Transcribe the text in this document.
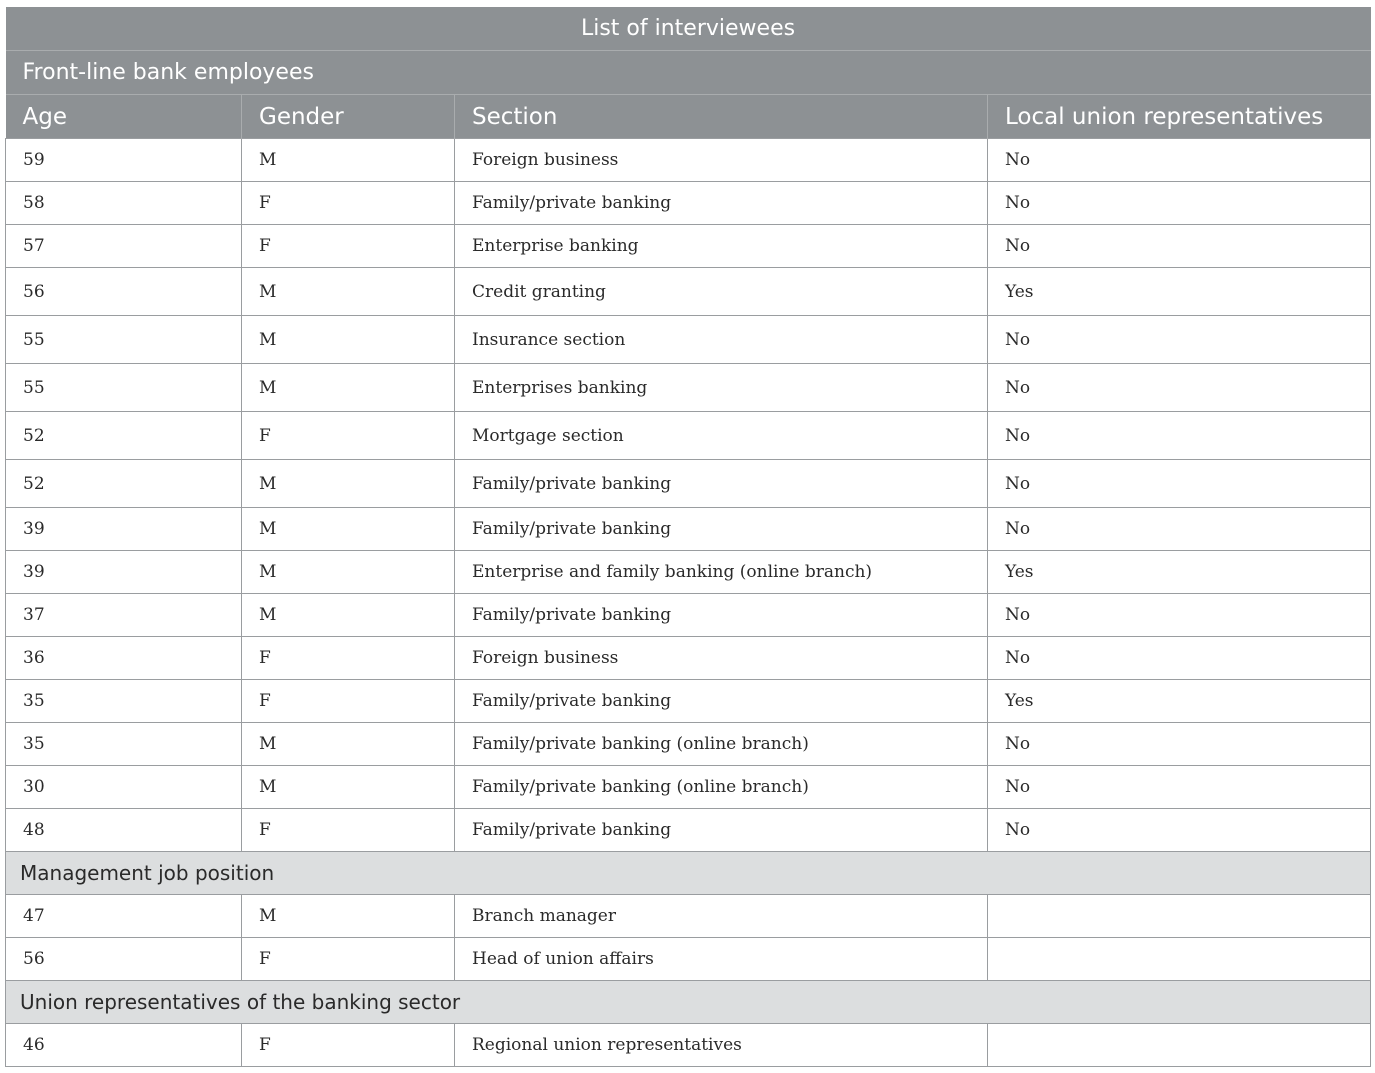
List of interviewees			
Front-line bank employees			
Age	Gender	Section	Local union representatives
59	M	Foreign business	No
58	F	Family/private banking	No
57	F	Enterprise banking	No
56	M	Credit granting	Yes
55	M	Insurance section	No
55	M	Enterprises banking	No
52	F	Mortgage section	No
52	M	Family/private banking	No
39	M	Family/private banking	No
39	M	Enterprise and family banking (online branch)	Yes
37	M	Family/private banking	No
36	F	Foreign business	No
35	F	Family/private banking	Yes
35	M	Family/private banking (online branch)	No
30	M	Family/private banking (online branch)	No
48	F	Family/private banking	No
Management job position			
47	M	Branch manager	
56	F	Head of union affairs	
Union representatives of the banking sector			
46	F	Regional union representatives	
